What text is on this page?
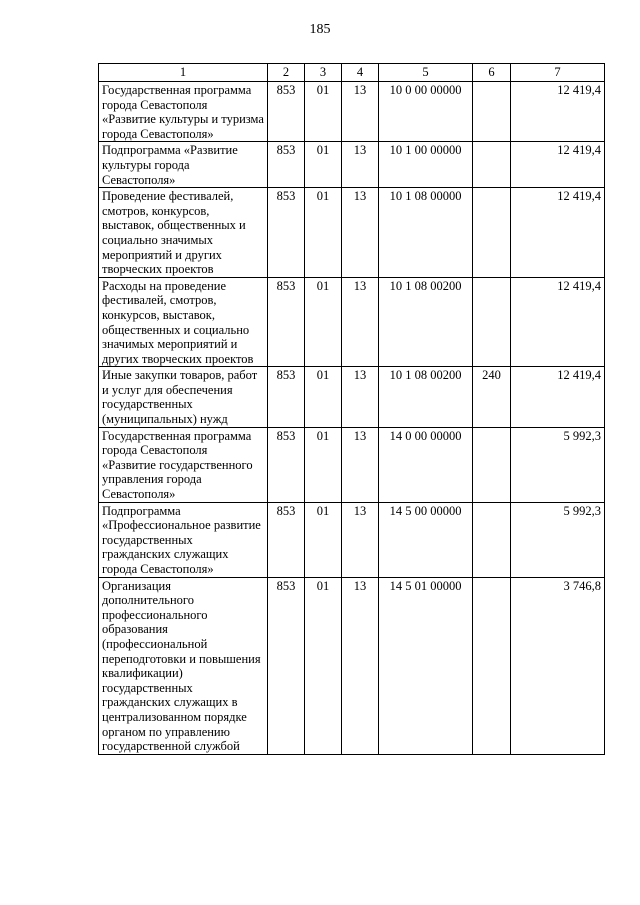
185
1	2	3	4	5	6	7
Государственная программа города Севастополя «Развитие культуры и туризма города Севастополя»	853	01	13	10 0 00 00000		12 419,4
Подпрограмма «Развитие культуры города Севастополя»	853	01	13	10 1 00 00000		12 419,4
Проведение фестивалей, смотров, конкурсов, выставок, общественных и социально значимых мероприятий и других творческих проектов	853	01	13	10 1 08 00000		12 419,4
Расходы на проведение фестивалей, смотров, конкурсов, выставок, общественных и социально значимых мероприятий и других творческих проектов	853	01	13	10 1 08 00200		12 419,4
Иные закупки товаров, работ и услуг для обеспечения государственных (муниципальных) нужд	853	01	13	10 1 08 00200	240	12 419,4
Государственная программа города Севастополя «Развитие государственного управления города Севастополя»	853	01	13	14 0 00 00000		5 992,3
Подпрограмма «Профессиональное развитие государственных гражданских служащих города Севастополя»	853	01	13	14 5 00 00000		5 992,3
Организация дополнительного профессионального образования (профессиональной переподготовки и повышения квалификации) государственных гражданских служащих в централизованном порядке органом по управлению государственной службой	853	01	13	14 5 01 00000		3 746,8
